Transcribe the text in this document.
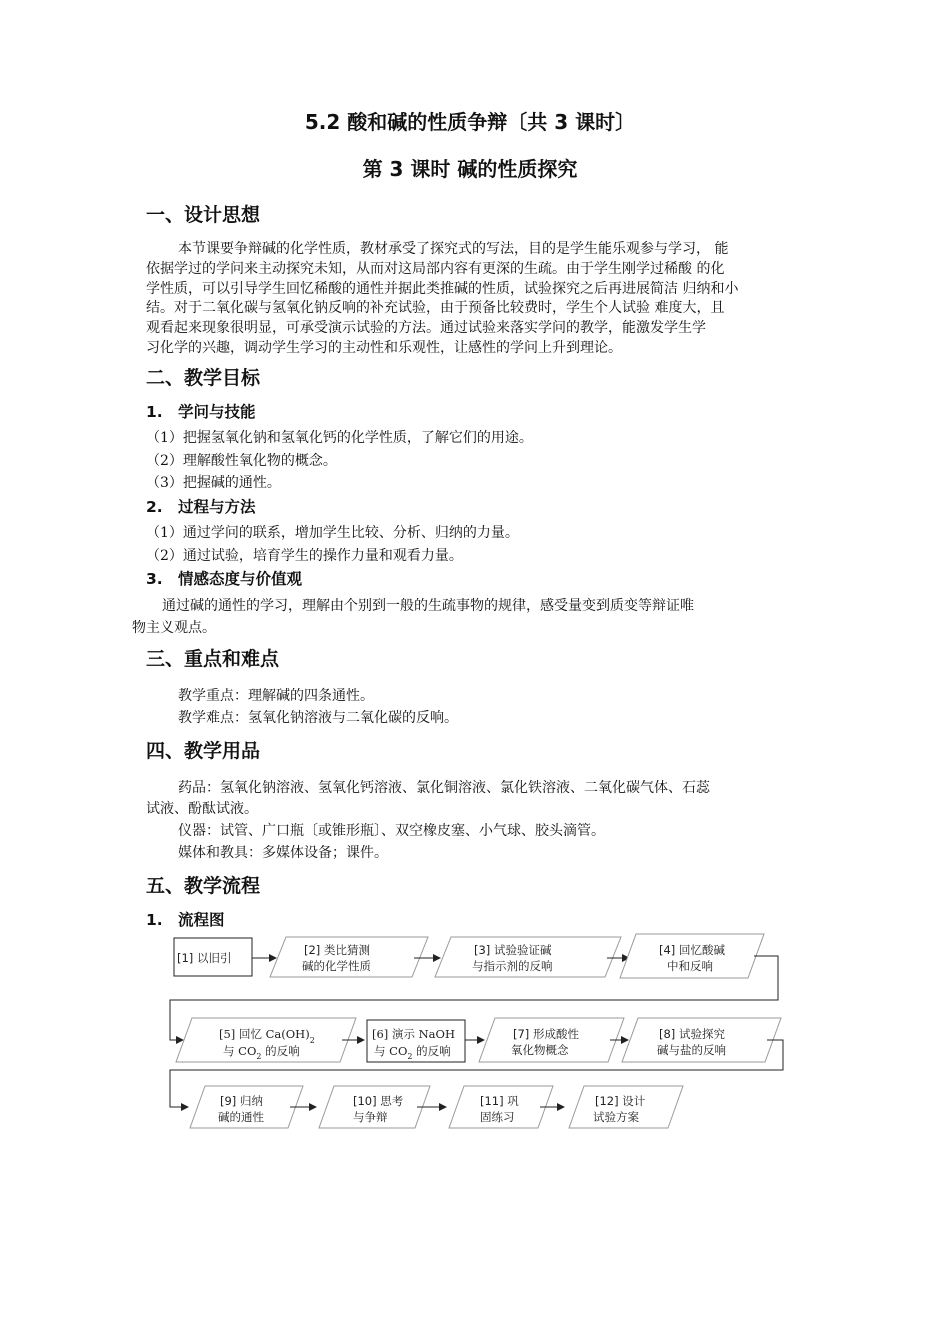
5.2 酸和碱的性质争辩〔共 3 课时〕
第 3 课时 碱的性质探究
一、设计思想
本节课要争辩碱的化学性质，教材承受了探究式的写法，目的是学生能乐观参与学习， 能
依据学过的学问来主动探究未知，从而对这局部内容有更深的生疏。由于学生刚学过稀酸 的化
学性质，可以引导学生回忆稀酸的通性并据此类推碱的性质，试验探究之后再进展简洁 归纳和小
结。对于二氧化碳与氢氧化钠反响的补充试验，由于预备比较费时，学生个人试验 难度大，且
观看起来现象很明显，可承受演示试验的方法。通过试验来落实学问的教学，能激发学生学
习化学的兴趣，调动学生学习的主动性和乐观性，让感性的学问上升到理论。
二、教学目标
1. 学问与技能
（1）把握氢氧化钠和氢氧化钙的化学性质，了解它们的用途。
（2）理解酸性氧化物的概念。
（3）把握碱的通性。
2. 过程与方法
（1）通过学问的联系，增加学生比较、分析、归纳的力量。
（2）通过试验，培育学生的操作力量和观看力量。
3. 情感态度与价值观
通过碱的通性的学习，理解由个别到一般的生疏事物的规律，感受量变到质变等辩证唯
物主义观点。
三、重点和难点
教学重点：理解碱的四条通性。
教学难点：氢氧化钠溶液与二氧化碳的反响。
四、教学用品
药品：氢氧化钠溶液、氢氧化钙溶液、氯化铜溶液、氯化铁溶液、二氧化碳气体、石蕊
试液、酚酞试液。
仪器：试管、广口瓶〔或锥形瓶〕、双空橡皮塞、小气球、胶头滴管。
媒体和教具：多媒体设备；课件。
五、教学流程
1. 流程图
[1] 以旧引
[2] 类比猜测
碱的化学性质
[3] 试验验证碱
与指示剂的反响
[4] 回忆酸碱
中和反响
[5] 回忆 $Ca(OH)_2$
与 $CO_2$ 的反响
[6] 演示 NaOH
与 $CO_2$ 的反响
[7] 形成酸性
氧化物概念
[8] 试验探究
碱与盐的反响
[9] 归纳
碱的通性
[10] 思考
与争辩
[11] 巩
固练习
[12] 设计
试验方案
